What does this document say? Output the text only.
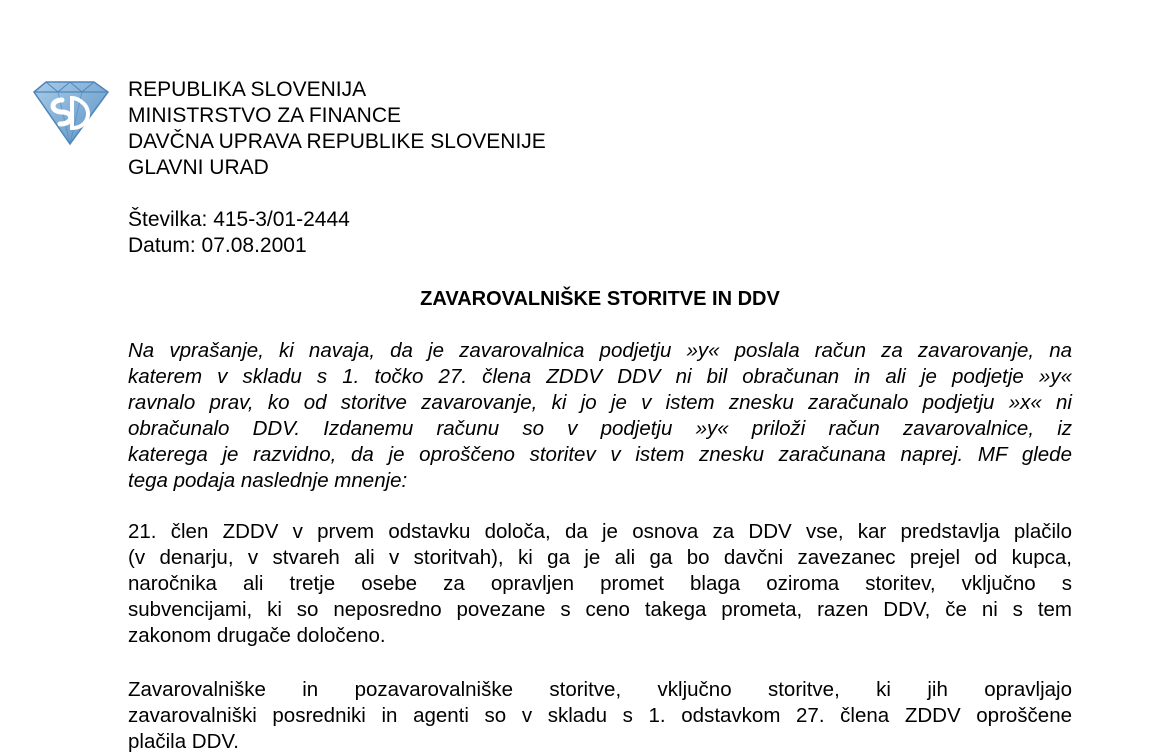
REPUBLIKA SLOVENIJA
MINISTRSTVO ZA FINANCE
DAVČNA UPRAVA REPUBLIKE SLOVENIJE
GLAVNI URAD
Številka: 415-3/01-2444
Datum: 07.08.2001
ZAVAROVALNIŠKE STORITVE IN DDV
Na vprašanje, ki navaja, da je zavarovalnica podjetju »y« poslala račun za zavarovanje, na
katerem v skladu s 1. točko 27. člena ZDDV DDV ni bil obračunan in ali je podjetje »y«
ravnalo prav, ko od storitve zavarovanje, ki jo je v istem znesku zaračunalo podjetju »x« ni
obračunalo DDV. Izdanemu računu so v podjetju »y« priloži račun zavarovalnice, iz
katerega je razvidno, da je oproščeno storitev v istem znesku zaračunana naprej. MF glede
tega podaja naslednje mnenje:
21. člen ZDDV v prvem odstavku določa, da je osnova za DDV vse, kar predstavlja plačilo
(v denarju, v stvareh ali v storitvah), ki ga je ali ga bo davčni zavezanec prejel od kupca,
naročnika ali tretje osebe za opravljen promet blaga oziroma storitev, vključno s
subvencijami, ki so neposredno povezane s ceno takega prometa, razen DDV, če ni s tem
zakonom drugače določeno.
Zavarovalniške in pozavarovalniške storitve, vključno storitve, ki jih opravljajo
zavarovalniški posredniki in agenti so v skladu s 1. odstavkom 27. člena ZDDV oproščene
plačila DDV.
